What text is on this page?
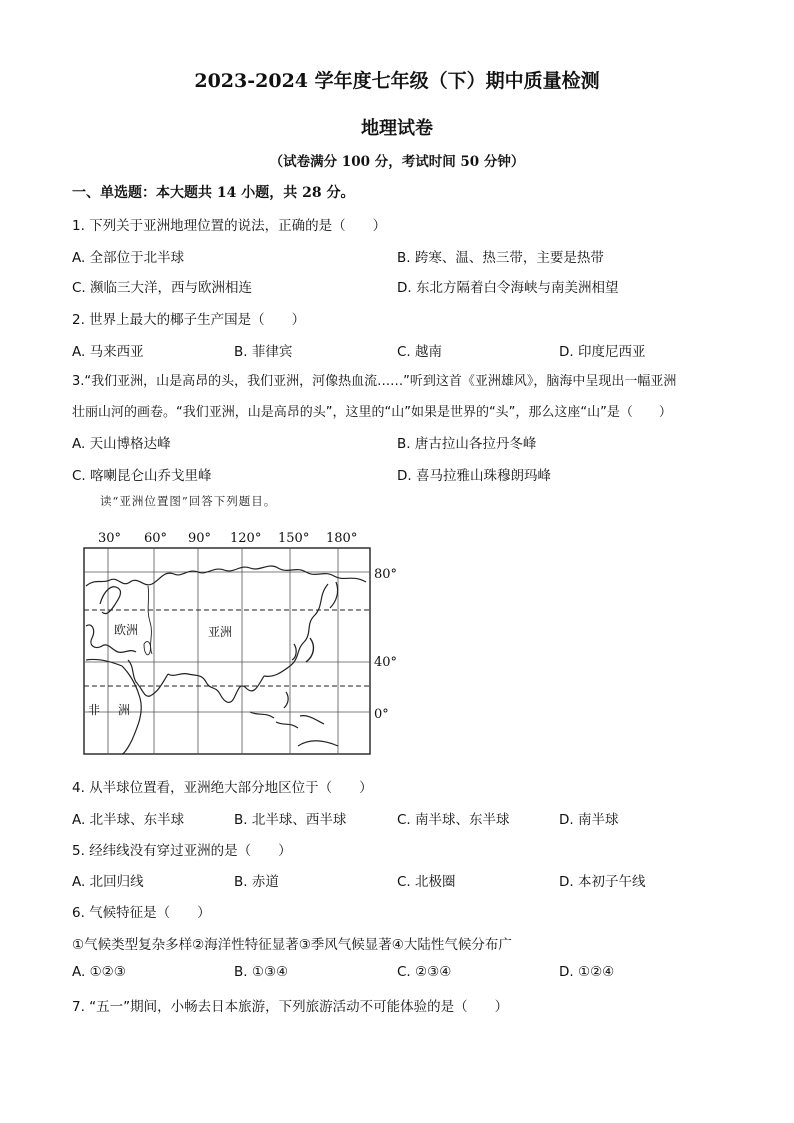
2023-2024 学年度七年级（下）期中质量检测
地理试卷
（试卷满分 100 分，考试时间 50 分钟）
一、单选题：本大题共 14 小题，共 28 分。
1. 下列关于亚洲地理位置的说法，正确的是（　　）
A. 全部位于北半球	B. 跨寒、温、热三带，主要是热带
C. 濒临三大洋，西与欧洲相连	D. 东北方隔着白令海峡与南美洲相望
2. 世界上最大的椰子生产国是（　　）
A. 马来西亚	B. 菲律宾	C. 越南	D. 印度尼西亚
3.“我们亚洲，山是高昂的头，我们亚洲，河像热血流……”听到这首《亚洲雄风》，脑海中呈现出一幅亚洲
壮丽山河的画卷。“我们亚洲，山是高昂的头”，这里的“山”如果是世界的“头”，那么这座“山”是（　　）
A. 天山博格达峰	B. 唐古拉山各拉丹冬峰
C. 喀喇昆仑山乔戈里峰	D. 喜马拉雅山珠穆朗玛峰
读“亚洲位置图”回答下列题目。
30° 60° 90° 120° 150° 180°
80°
40°
0°
欧洲	亚洲
非 洲
4. 从半球位置看，亚洲绝大部分地区位于（　　）
A. 北半球、东半球	B. 北半球、西半球	C. 南半球、东半球	D. 南半球
5. 经纬线没有穿过亚洲的是（　　）
A. 北回归线	B. 赤道	C. 北极圈	D. 本初子午线
6. 气候特征是（　　）
①气候类型复杂多样②海洋性特征显著③季风气候显著④大陆性气候分布广
A. ①②③	B. ①③④	C. ②③④	D. ①②④
7. “五一”期间，小畅去日本旅游，下列旅游活动不可能体验的是（　　）
